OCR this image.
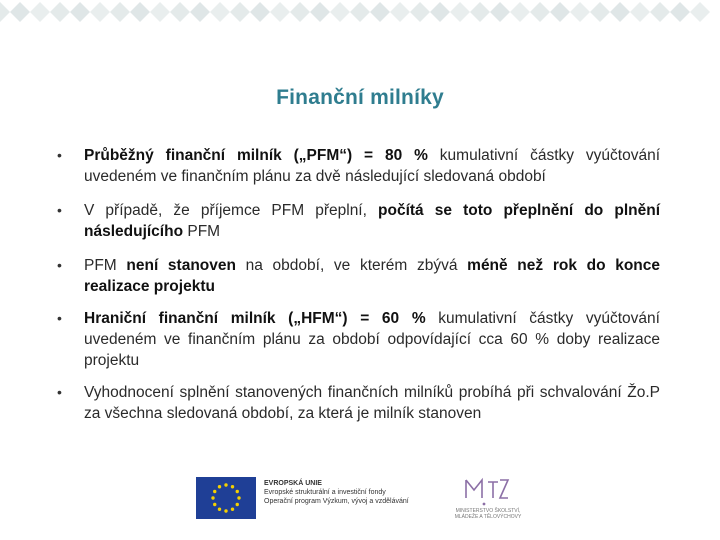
Finanční milníky
• Průběžný finanční milník („PFM“) = 80 % kumulativní částky vyúčtování uvedeném ve finančním plánu za dvě následující sledovaná období
• V případě, že příjemce PFM přeplní, počítá se toto přeplnění do plnění následujícího PFM
• PFM není stanoven na období, ve kterém zbývá méně než rok do konce realizace projektu
• Hraniční finanční milník („HFM“) = 60 % kumulativní částky vyúčtování uvedeném ve finančním plánu za období odpovídající cca 60 % doby realizace projektu
• Vyhodnocení splnění stanovených finančních milníků probíhá při schvalování Žo.P za všechna sledovaná období, za která je milník stanoven
EVROPSKÁ UNIE
Evropské strukturální a investiční fondy
Operační program Výzkum, vývoj a vzdělávání
MINISTERSTVO ŠKOLSTVÍ, MLÁDEŽE A TĚLOVÝCHOVY
